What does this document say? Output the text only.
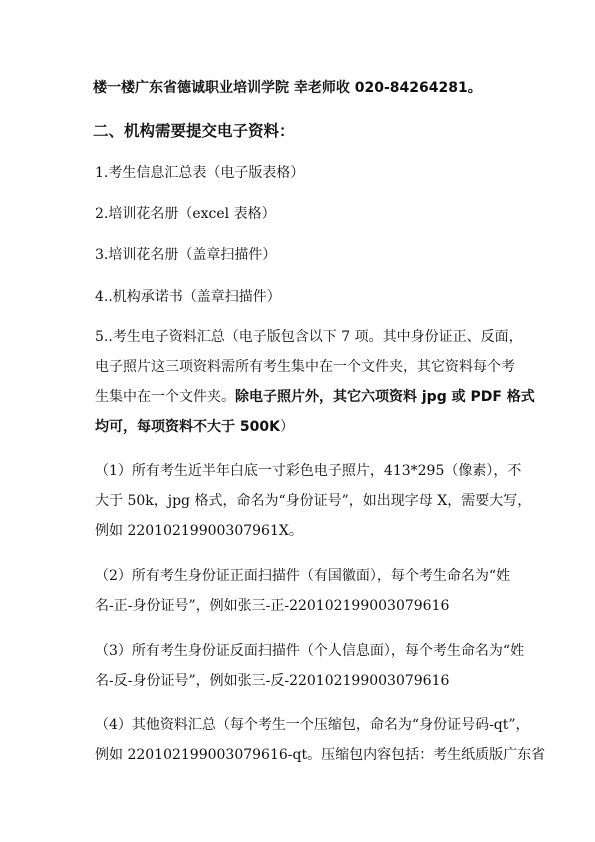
楼一楼广东省德诚职业培训学院 幸老师收 020-84264281。
二、机构需要提交电子资料：
1.考生信息汇总表（电子版表格）
2.培训花名册（excel 表格）
3.培训花名册（盖章扫描件）
4..机构承诺书（盖章扫描件）
5..考生电子资料汇总（电子版包含以下 7 项。其中身份证正、反面，
电子照片这三项资料需所有考生集中在一个文件夹，其它资料每个考
生集中在一个文件夹。除电子照片外，其它六项资料 jpg 或 PDF 格式
均可，每项资料不大于 500K）
（1）所有考生近半年白底一寸彩色电子照片，413*295（像素），不
大于 50k，jpg 格式，命名为“身份证号”，如出现字母 X，需要大写，
例如 220102199003079​61X。
（2）所有考生身份证正面扫描件（有国徽面），每个考生命名为“姓
名-正-身份证号”，例如张三-正-220102199003079616
（3）所有考生身份证反面扫描件（个人信息面），每个考生命名为“姓
名-反-身份证号”，例如张三-反-220102199003079616
（4）其他资料汇总（每个考生一个压缩包，命名为“身份证号码-qt”，
例如 220102199003079616-qt。压缩包内容包括：考生纸质版广东省
